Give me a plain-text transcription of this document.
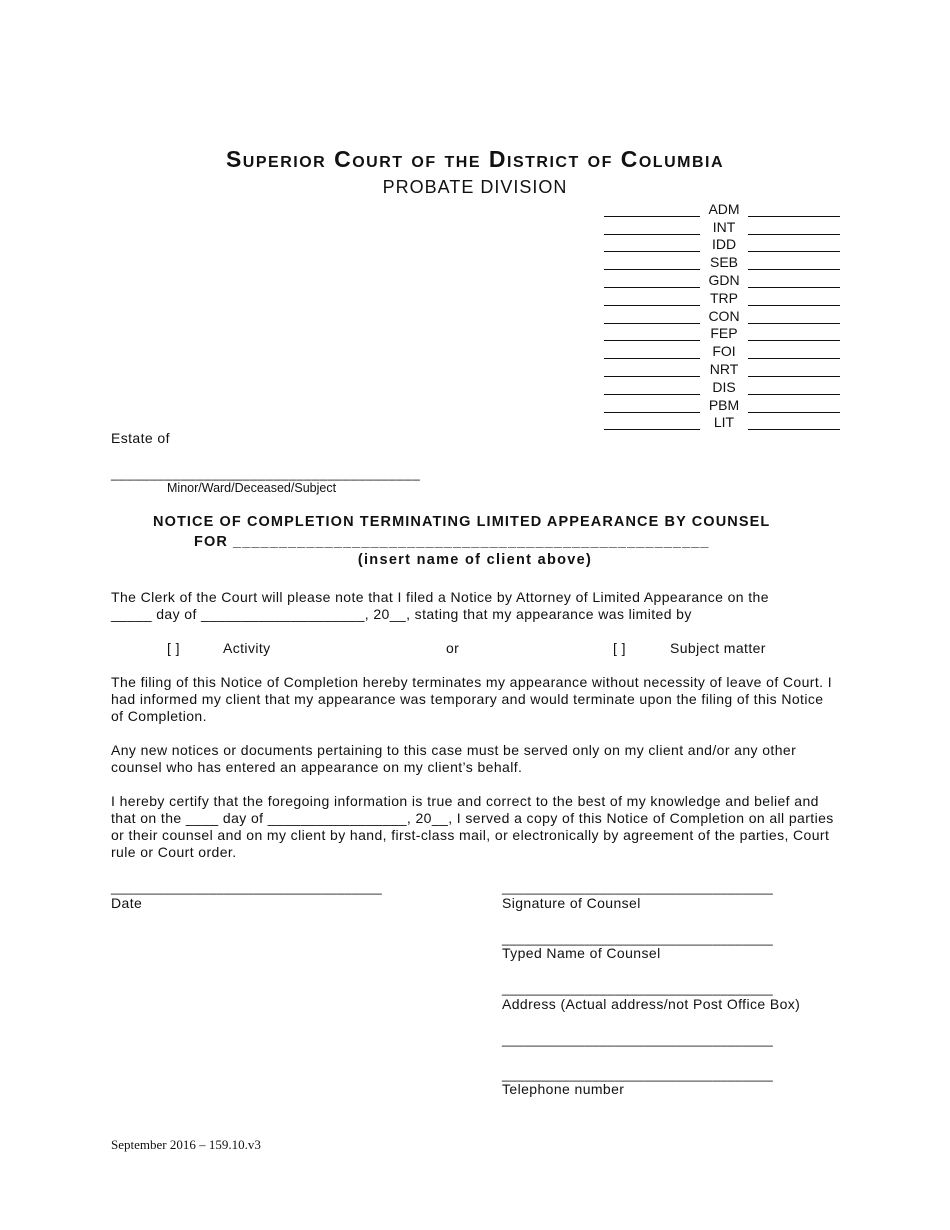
Superior Court of the District of Columbia
PROBATE DIVISION
ADM
INT
IDD
SEB
GDN
TRP
CON
FEP
FOI
NRT
DIS
PBM
LIT
Estate of
________________________________________
Minor/Ward/Deceased/Subject
NOTICE OF COMPLETION TERMINATING LIMITED APPEARANCE BY COUNSEL
FOR ____________________________________________________
(insert name of client above)
The Clerk of the Court will please note that I filed a Notice by Attorney of Limited Appearance on the
_____ day of ____________________, 20__, stating that my appearance was limited by
[ ]	Activity	or	[ ]	Subject matter
The filing of this Notice of Completion hereby terminates my appearance without necessity of leave of Court. I had informed my client that my appearance was temporary and would terminate upon the filing of this Notice of Completion.
Any new notices or documents pertaining to this case must be served only on my client and/or any other counsel who has entered an appearance on my client’s behalf.
I hereby certify that the foregoing information is true and correct to the best of my knowledge and belief and that on the ____ day of _________________, 20__, I served a copy of this Notice of Completion on all parties or their counsel and on my client by hand, first-class mail, or electronically by agreement of the parties, Court rule or Court order.
____________________________________
Date
____________________________________
Signature of Counsel
____________________________________
Typed Name of Counsel
____________________________________
Address (Actual address/not Post Office Box)
____________________________________
____________________________________
Telephone number
September 2016 – 159.10.v3
